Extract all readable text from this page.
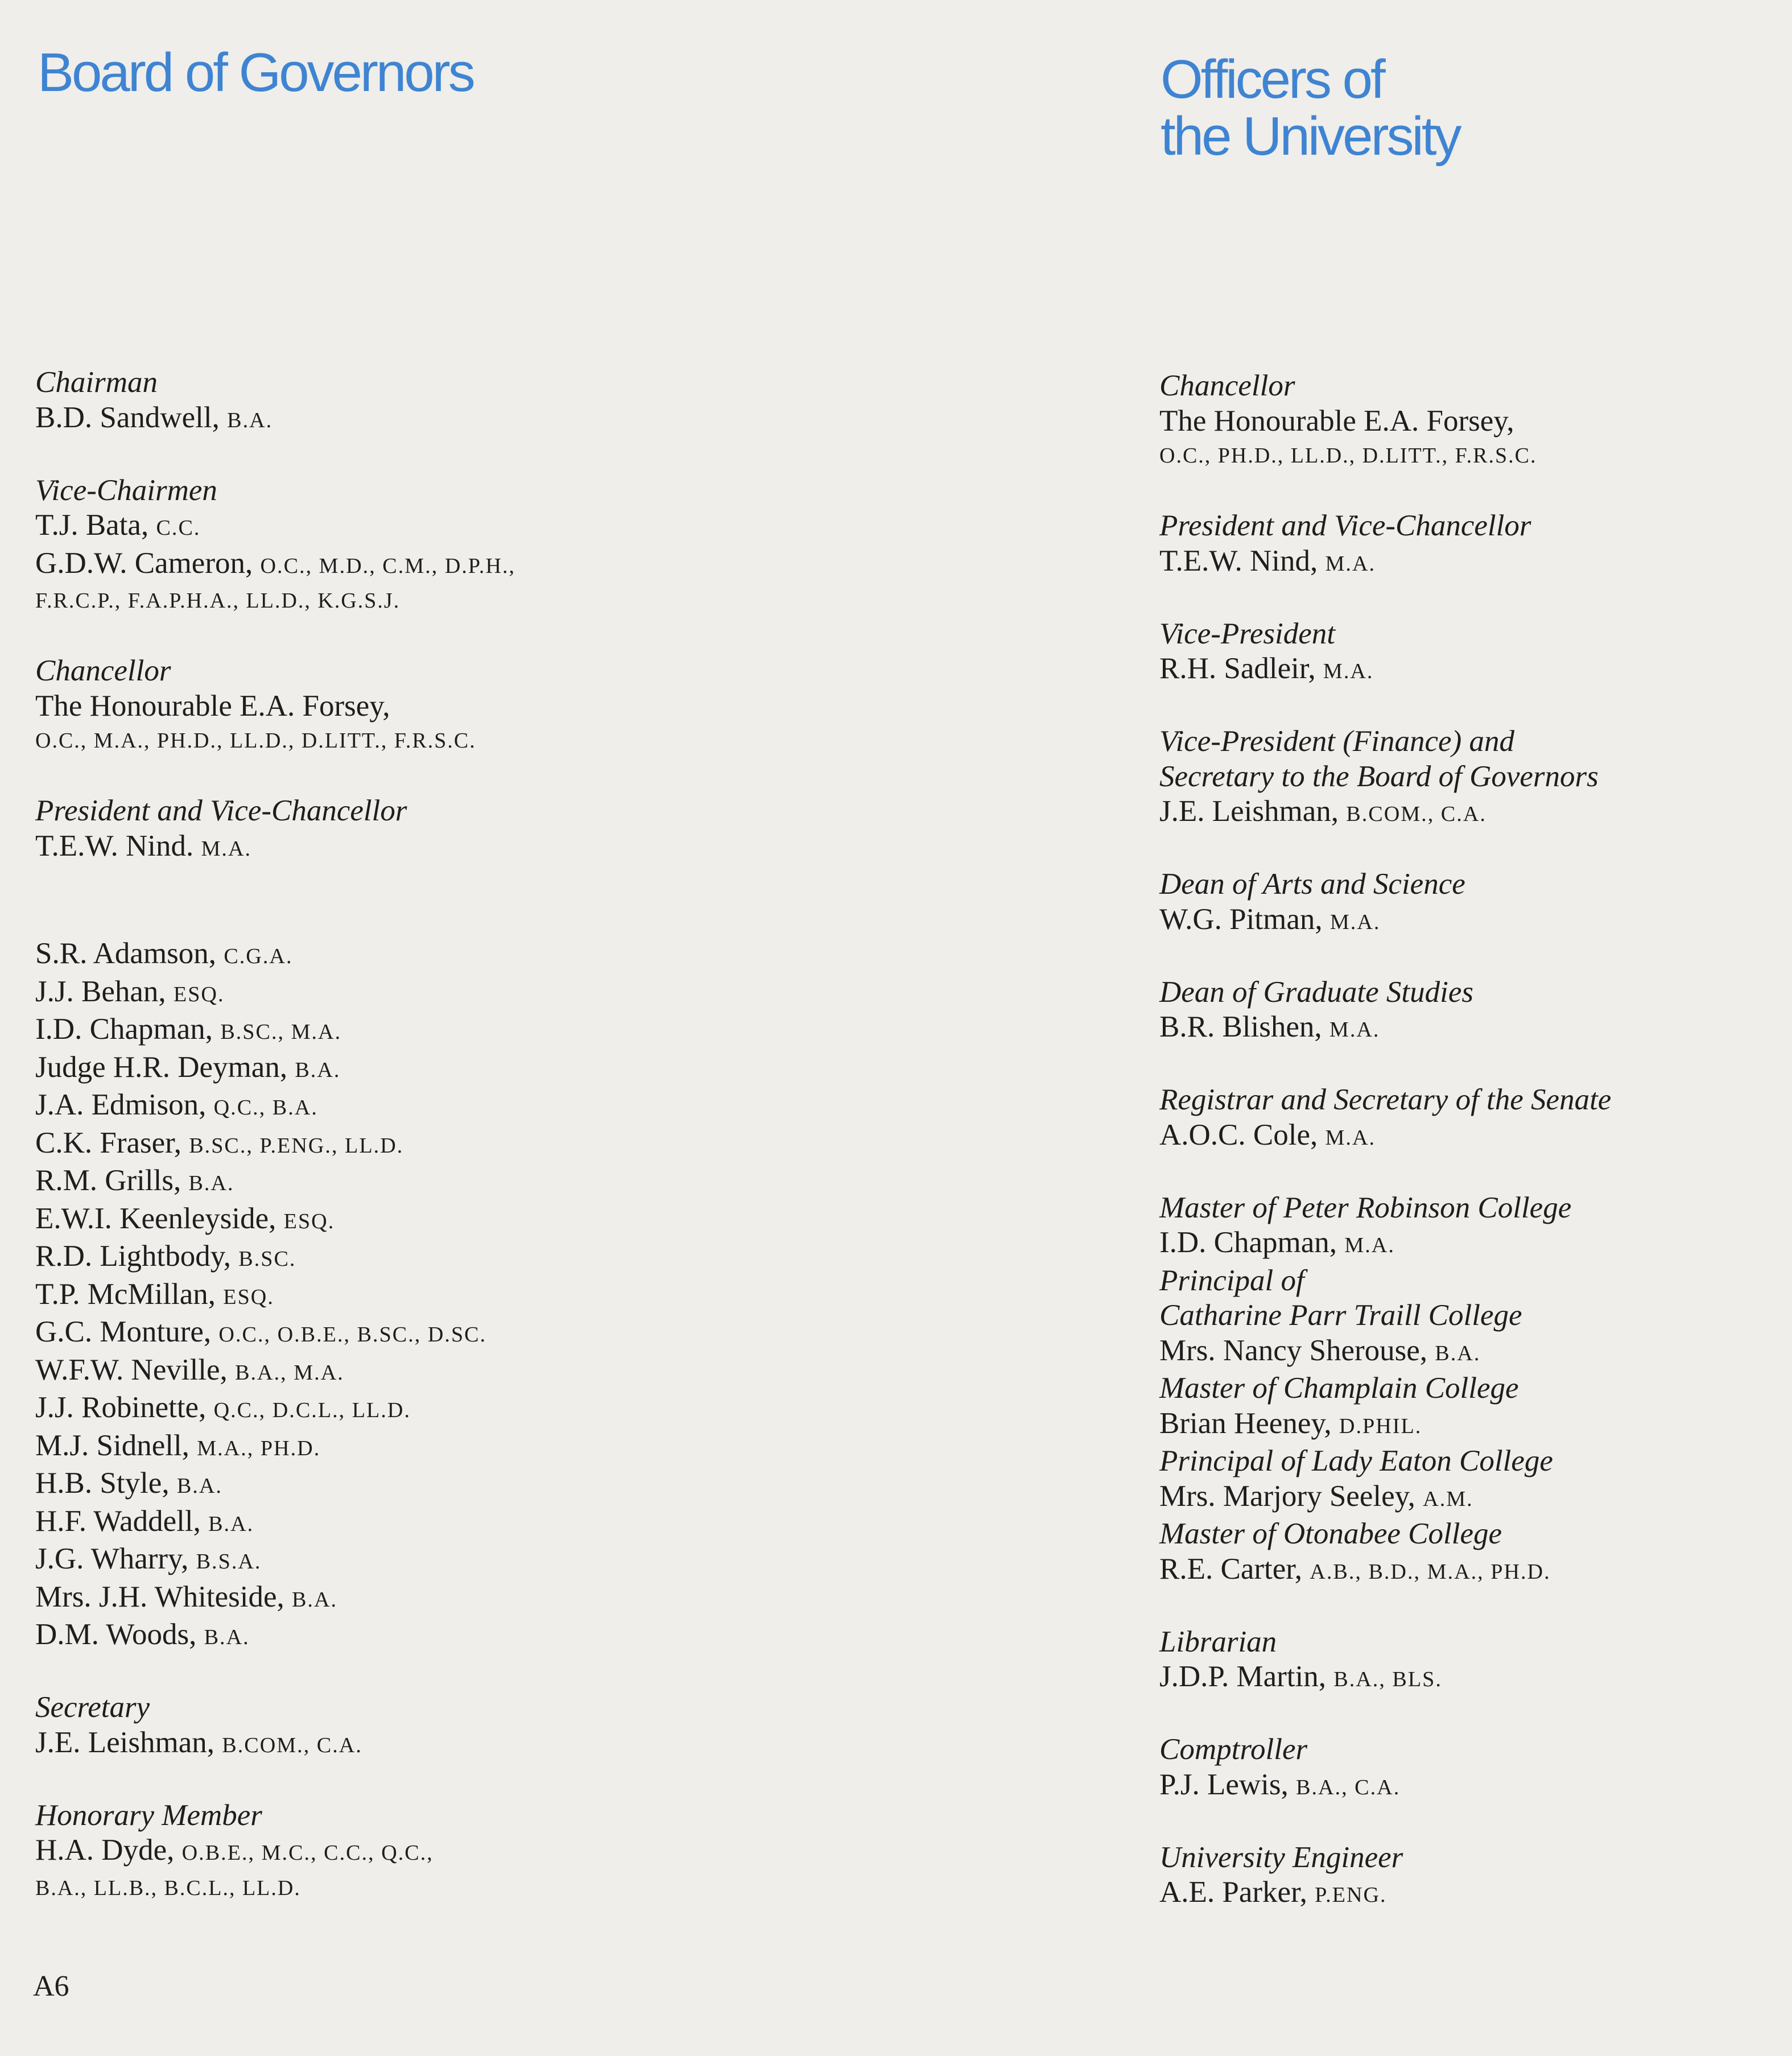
Board of Governors	Officers of
the University
Chairman
B.D. Sandwell, B.A.
Vice-Chairmen
T.J. Bata, C.C.
G.D.W. Cameron, O.C., M.D., C.M., D.P.H.,
F.R.C.P., F.A.P.H.A., LL.D., K.G.S.J.
Chancellor
The Honourable E.A. Forsey,
O.C., M.A., PH.D., LL.D., D.LITT., F.R.S.C.
President and Vice-Chancellor
T.E.W. Nind. M.A.
S.R. Adamson, C.G.A.
J.J. Behan, ESQ.
I.D. Chapman, B.SC., M.A.
Judge H.R. Deyman, B.A.
J.A. Edmison, Q.C., B.A.
C.K. Fraser, B.SC., P.ENG., LL.D.
R.M. Grills, B.A.
E.W.I. Keenleyside, ESQ.
R.D. Lightbody, B.SC.
T.P. McMillan, ESQ.
G.C. Monture, O.C., O.B.E., B.SC., D.SC.
W.F.W. Neville, B.A., M.A.
J.J. Robinette, Q.C., D.C.L., LL.D.
M.J. Sidnell, M.A., PH.D.
H.B. Style, B.A.
H.F. Waddell, B.A.
J.G. Wharry, B.S.A.
Mrs. J.H. Whiteside, B.A.
D.M. Woods, B.A.
Secretary
J.E. Leishman, B.COM., C.A.
Honorary Member
H.A. Dyde, O.B.E., M.C., C.C., Q.C.,
B.A., LL.B., B.C.L., LL.D.
Chancellor
The Honourable E.A. Forsey,
O.C., PH.D., LL.D., D.LITT., F.R.S.C.
President and Vice-Chancellor
T.E.W. Nind, M.A.
Vice-President
R.H. Sadleir, M.A.
Vice-President (Finance) and
Secretary to the Board of Governors
J.E. Leishman, B.COM., C.A.
Dean of Arts and Science
W.G. Pitman, M.A.
Dean of Graduate Studies
B.R. Blishen, M.A.
Registrar and Secretary of the Senate
A.O.C. Cole, M.A.
Master of Peter Robinson College
I.D. Chapman, M.A.
Principal of
Catharine Parr Traill College
Mrs. Nancy Sherouse, B.A.
Master of Champlain College
Brian Heeney, D.PHIL.
Principal of Lady Eaton College
Mrs. Marjory Seeley, A.M.
Master of Otonabee College
R.E. Carter, A.B., B.D., M.A., PH.D.
Librarian
J.D.P. Martin, B.A., BLS.
Comptroller
P.J. Lewis, B.A., C.A.
University Engineer
A.E. Parker, P.ENG.
A6
